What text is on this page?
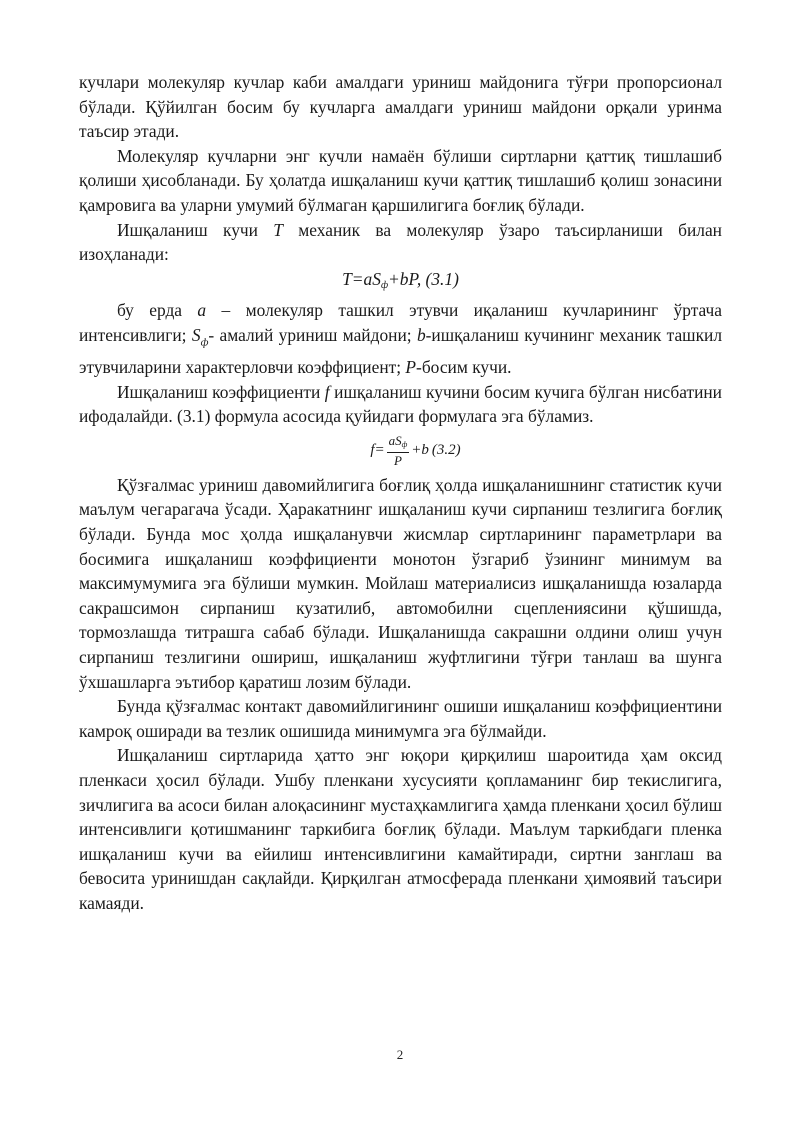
кучлари молекуляр кучлар каби амалдаги уриниш майдонига тўғри пропорсионал бўлади. Қўйилган босим бу кучларга амалдаги уриниш майдони орқали уринма таъсир этади.

Молекуляр кучларни энг кучли намаён бўлиши сиртларни қаттиқ тишлашиб қолиши ҳисобланади. Бу ҳолатда ишқаланиш кучи қаттиқ тишлашиб қолиш зонасини қамровига ва уларни умумий бўлмаган қаршилигига боғлиқ бўлади.

Ишқаланиш кучи T механик ва молекуляр ўзаро таъсирланиши билан изоҳланади:

$T=aS_ф+bP$, (3.1)

бу ерда a – молекуляр ташкил этувчи иқаланиш кучларининг ўртача интенсивлиги; $S_ф-$ амалий уриниш майдони; b-ишқаланиш кучининг механик ташкил этувчиларини характерловчи коэффициент; P-босим кучи.

Ишқаланиш коэффициенти f ишқаланиш кучини босим кучига бўлган нисбатини ифодалайди. (3.1) формула асосида қуйидаги формулага эга бўламиз.

$f = \frac{aS_ф}{P} +b$ (3.2)

Қўзғалмас уриниш давомийлигига боғлиқ ҳолда ишқаланишнинг статистик кучи маълум чегарагача ўсади. Ҳаракатнинг ишқаланиш кучи сирпаниш тезлигига боғлиқ бўлади. Бунда мос ҳолда ишқаланувчи жисмлар сиртларининг параметрлари ва босимига ишқаланиш коэффициенти монотон ўзгариб ўзининг минимум ва максимумумига эга бўлиши мумкин. Мойлаш материалисиз ишқаланишда юзаларда сакрашсимон сирпаниш кузатилиб, автомобилни сцеплениясини қўшишда, тормозлашда титрашга сабаб бўлади. Ишқаланишда сакрашни олдини олиш учун сирпаниш тезлигини ошириш, ишқаланиш жуфтлигини тўғри танлаш ва шунга ўхшашларга эътибор қаратиш лозим бўлади.

Бунда қўзғалмас контакт давомийлигининг ошиши ишқаланиш коэффициентини камроқ оширади ва тезлик ошишида минимумга эга бўлмайди.

Ишқаланиш сиртларида ҳатто энг юқори қирқилиш шароитида ҳам оксид пленкаси ҳосил бўлади. Ушбу пленкани хусусияти қопламанинг бир текислигига, зичлигига ва асоси билан алоқасининг мустаҳкамлигига ҳамда пленкани ҳосил бўлиш интенсивлиги қотишманинг таркибига боғлиқ бўлади. Маълум таркибдаги пленка ишқаланиш кучи ва ейилиш интенсивлигини камайтиради, сиртни занглаш ва бевосита уринишдан сақлайди. Қирқилган атмосферада пленкани ҳимоявий таъсири камаяди.

2
